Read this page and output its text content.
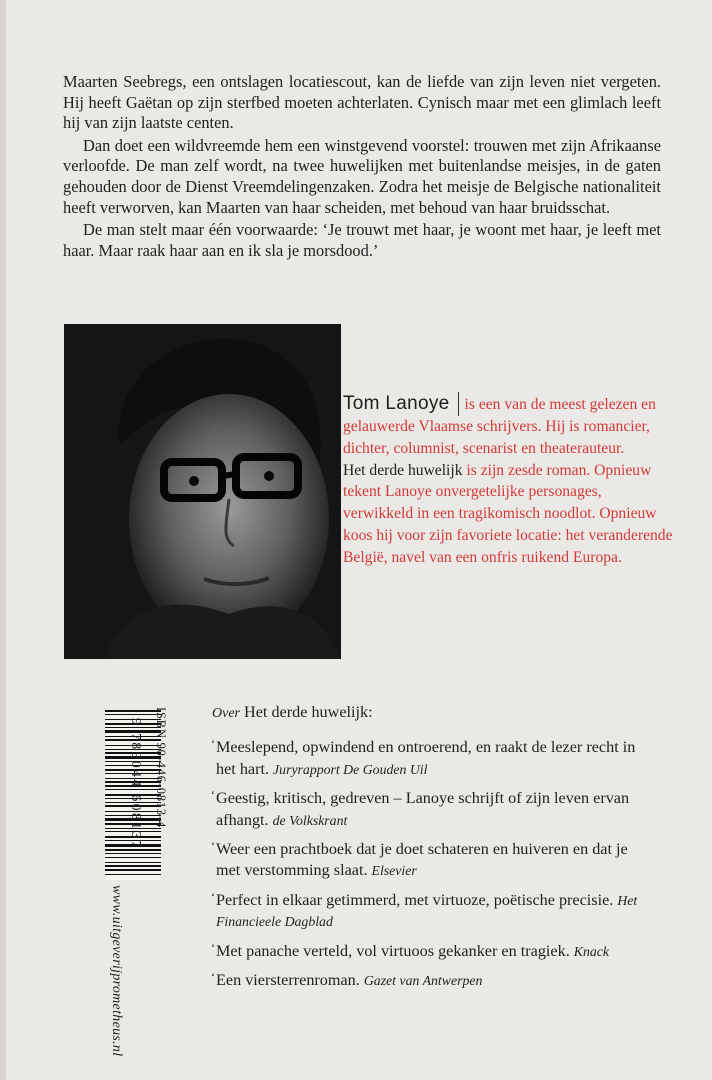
Maarten Seebregs, een ontslagen locatiescout, kan de liefde van zijn leven niet vergeten. Hij heeft Gaëtan op zijn sterfbed moeten achterlaten. Cynisch maar met een glimlach leeft hij van zijn laatste centen.

Dan doet een wildvreemde hem een winstgevend voorstel: trouwen met zijn Afrikaanse verloofde. De man zelf wordt, na twee huwelijken met buitenlandse meisjes, in de gaten gehouden door de Dienst Vreemdelingenzaken. Zodra het meisje de Belgische nationaliteit heeft verworven, kan Maarten van haar scheiden, met behoud van haar bruidsschat.

De man stelt maar één voorwaarde: ‘Je trouwt met haar, je woont met haar, je leeft met haar. Maar raak haar aan en ik sla je morsdood.’

Tom Lanoye is een van de meest gelezen en gelauwerde Vlaamse schrijvers. Hij is romancier, dichter, columnist, scenarist en theaterauteur.

Het derde huwelijk is zijn zesde roman. Opnieuw tekent Lanoye onvergetelijke personages, verwikkeld in een tragikomisch noodlot. Opnieuw koos hij voor zijn favoriete locatie: het veranderende België, navel van een onfris ruikend Europa.

ISBN 90-446-0813-4
9 789044 608137
www.uitgeverijprometheus.nl

Over Het derde huwelijk:

‘ Meeslepend, opwindend en ontroerend, en raakt de lezer recht in het hart. Juryrapport De Gouden Uil

‘ Geestig, kritisch, gedreven – Lanoye schrijft of zijn leven ervan afhangt. de Volkskrant

‘ Weer een prachtboek dat je doet schateren en huiveren en dat je met verstomming slaat. Elsevier

‘ Perfect in elkaar getimmerd, met virtuoze, poëtische precisie. Het Financieele Dagblad

‘ Met panache verteld, vol virtuoos gekanker en tragiek. Knack

‘ Een viersterrenroman. Gazet van Antwerpen
